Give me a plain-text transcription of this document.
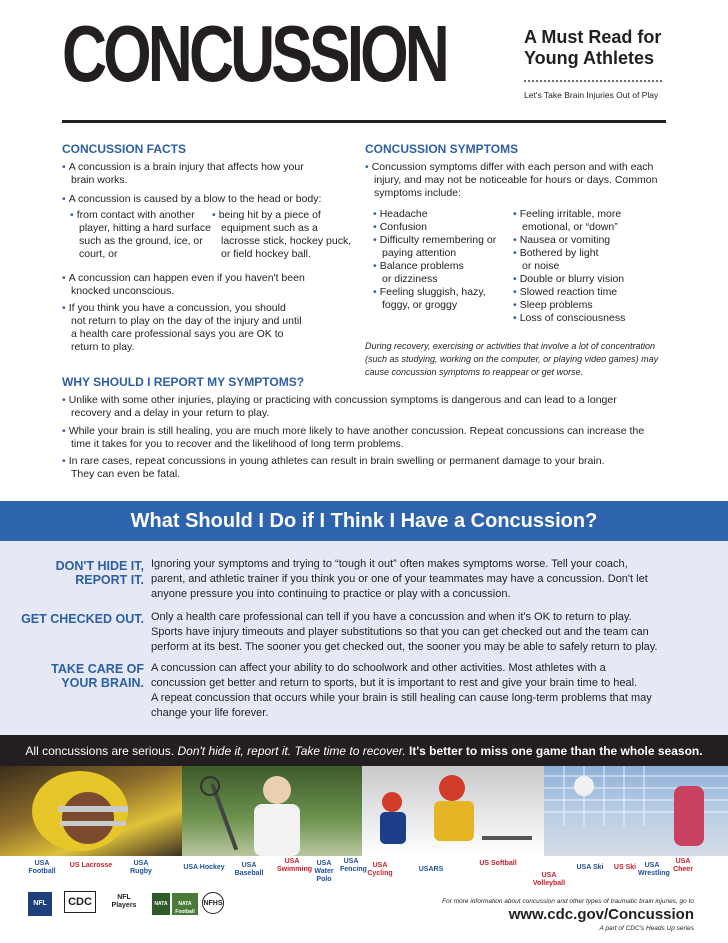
CONCUSSION	A Must Read for
Young Athletes
Let's Take Brain Injuries Out of Play
CONCUSSION FACTS
• A concussion is a brain injury that affects how your
brain works.
• A concussion is caused by a blow to the head or body:
• from contact with another
player, hitting a hard surface
such as the ground, ice, or
court, or
• being hit by a piece of
equipment such as a
lacrosse stick, hockey puck,
or field hockey ball.
• A concussion can happen even if you haven't been
knocked unconscious.
• If you think you have a concussion, you should
not return to play on the day of the injury and until
a health care professional says you are OK to
return to play.
CONCUSSION SYMPTOMS
• Concussion symptoms differ with each person and with each
injury, and may not be noticeable for hours or days. Common
symptoms include:
• Headache
• Confusion
• Difficulty remembering or
paying attention
• Balance problems
or dizziness
• Feeling sluggish, hazy,
foggy, or groggy
• Feeling irritable, more
emotional, or “down”
• Nausea or vomiting
• Bothered by light
or noise
• Double or blurry vision
• Slowed reaction time
• Sleep problems
• Loss of consciousness
During recovery, exercising or activities that involve a lot of concentration
(such as studying, working on the computer, or playing video games) may
cause concussion symptoms to reappear or get worse.
WHY SHOULD I REPORT MY SYMPTOMS?
• Unlike with some other injuries, playing or practicing with concussion symptoms is dangerous and can lead to a longer
recovery and a delay in your return to play.
• While your brain is still healing, you are much more likely to have another concussion. Repeat concussions can increase the
time it takes for you to recover and the likelihood of long term problems.
• In rare cases, repeat concussions in young athletes can result in brain swelling or permanent damage to your brain.
They can even be fatal.
What Should I Do if I Think I Have a Concussion?
DON'T HIDE IT,
REPORT IT.
Ignoring your symptoms and trying to “tough it out” often makes symptoms worse. Tell your coach,
parent, and athletic trainer if you think you or one of your teammates may have a concussion. Don't let
anyone pressure you into continuing to practice or play with a concussion.
GET CHECKED OUT. Only a health care professional can tell if you have a concussion and when it's OK to return to play.
Sports have injury timeouts and player substitutions so that you can get checked out and the team can
perform at its best. The sooner you get checked out, the sooner you may be able to safely return to play.
TAKE CARE OF
YOUR BRAIN.
A concussion can affect your ability to do schoolwork and other activities. Most athletes with a
concussion get better and return to sports, but it is important to rest and give your brain time to heal.
A repeat concussion that occurs while your brain is still healing can cause long-term problems that may
change your life forever.
All concussions are serious. Don't hide it, report it. Take time to recover. It's better to miss one game than the whole season.
USA Football
US Lacrosse	USA Rugby
USA Hockey	USA Baseball
USA Swimming
USA Water Polo
USA Fencing
USA Cycling
USARS
US Softball
USA Volleyball
USA Ski	US Ski	USA Wrestling
USA Cheer
NFL	CDC	NFL Players	NATA	NATA Football
NFHS	For more information about concussion and other types of traumatic brain injuries, go to
www.cdc.gov/Concussion
A part of CDC's Heads Up series
